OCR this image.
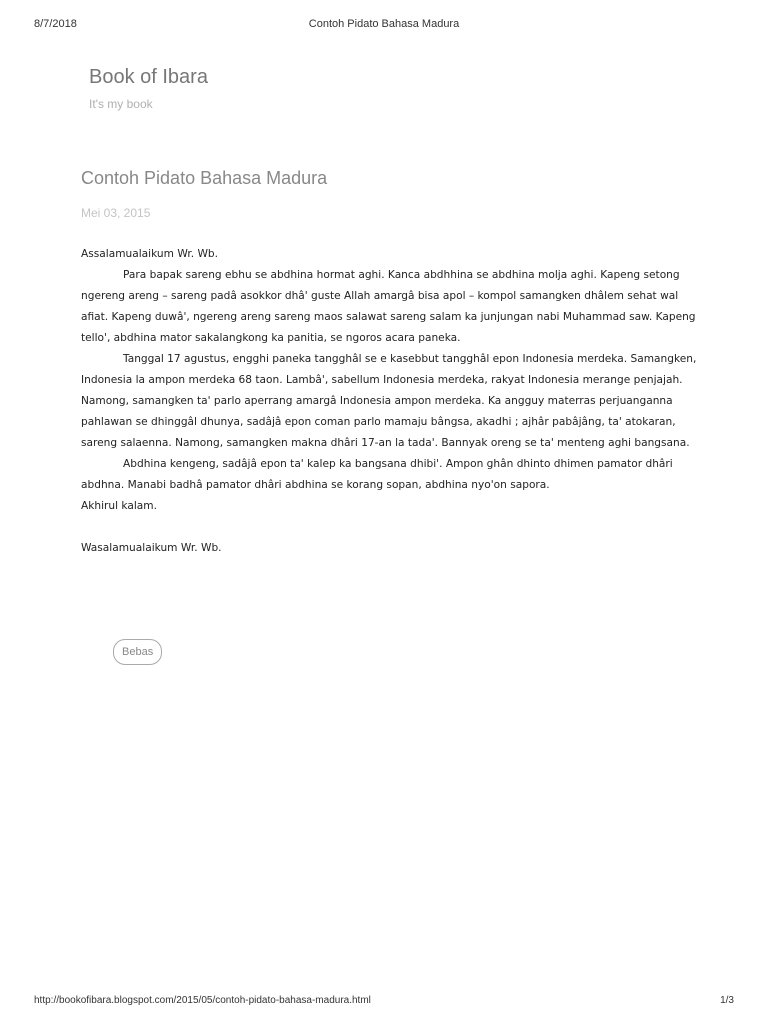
8/7/2018	Contoh Pidato Bahasa Madura
Book of Ibara
It's my book
Contoh Pidato Bahasa Madura
Mei 03, 2015

Assalamualaikum Wr. Wb.

Para bapak sareng ebhu se abdhina hormat aghi. Kanca abdhhina se abdhina molja aghi. Kapeng setong ngereng areng – sareng padâ asokkor dhâ' guste Allah amargâ bisa apol – kompol samangken dhâlem sehat wal afiat. Kapeng duwâ', ngereng areng sareng maos salawat sareng salam ka junjungan nabi Muhammad saw. Kapeng tello', abdhina mator sakalangkong ka panitia, se ngoros acara paneka.

Tanggal 17 agustus, engghi paneka tangghâl se e kasebbut tangghâl epon Indonesia merdeka. Samangken, Indonesia la ampon merdeka 68 taon. Lambâ', sabellum Indonesia merdeka, rakyat Indonesia merange penjajah. Namong, samangken ta' parlo aperrang amargâ Indonesia ampon merdeka. Ka angguy materras perjuanganna pahlawan se dhinggâl dhunya, sadâjâ epon coman parlo mamaju bângsa, akadhi ; ajhâr pabâjâng, ta' atokaran, sareng salaenna. Namong, samangken makna dhâri 17-an la tada'. Bannyak oreng se ta' menteng aghi bangsana.

Abdhina kengeng, sadâjâ epon ta' kalep ka bangsana dhibi'. Ampon ghân dhinto dhimen pamator dhâri abdhna. Manabi badhâ pamator dhâri abdhina se korang sopan, abdhina nyo'on sapora.

Akhirul kalam.

Wasalamualaikum Wr. Wb.

Bebas
http://bookofibara.blogspot.com/2015/05/contoh-pidato-bahasa-madura.html	1/3
